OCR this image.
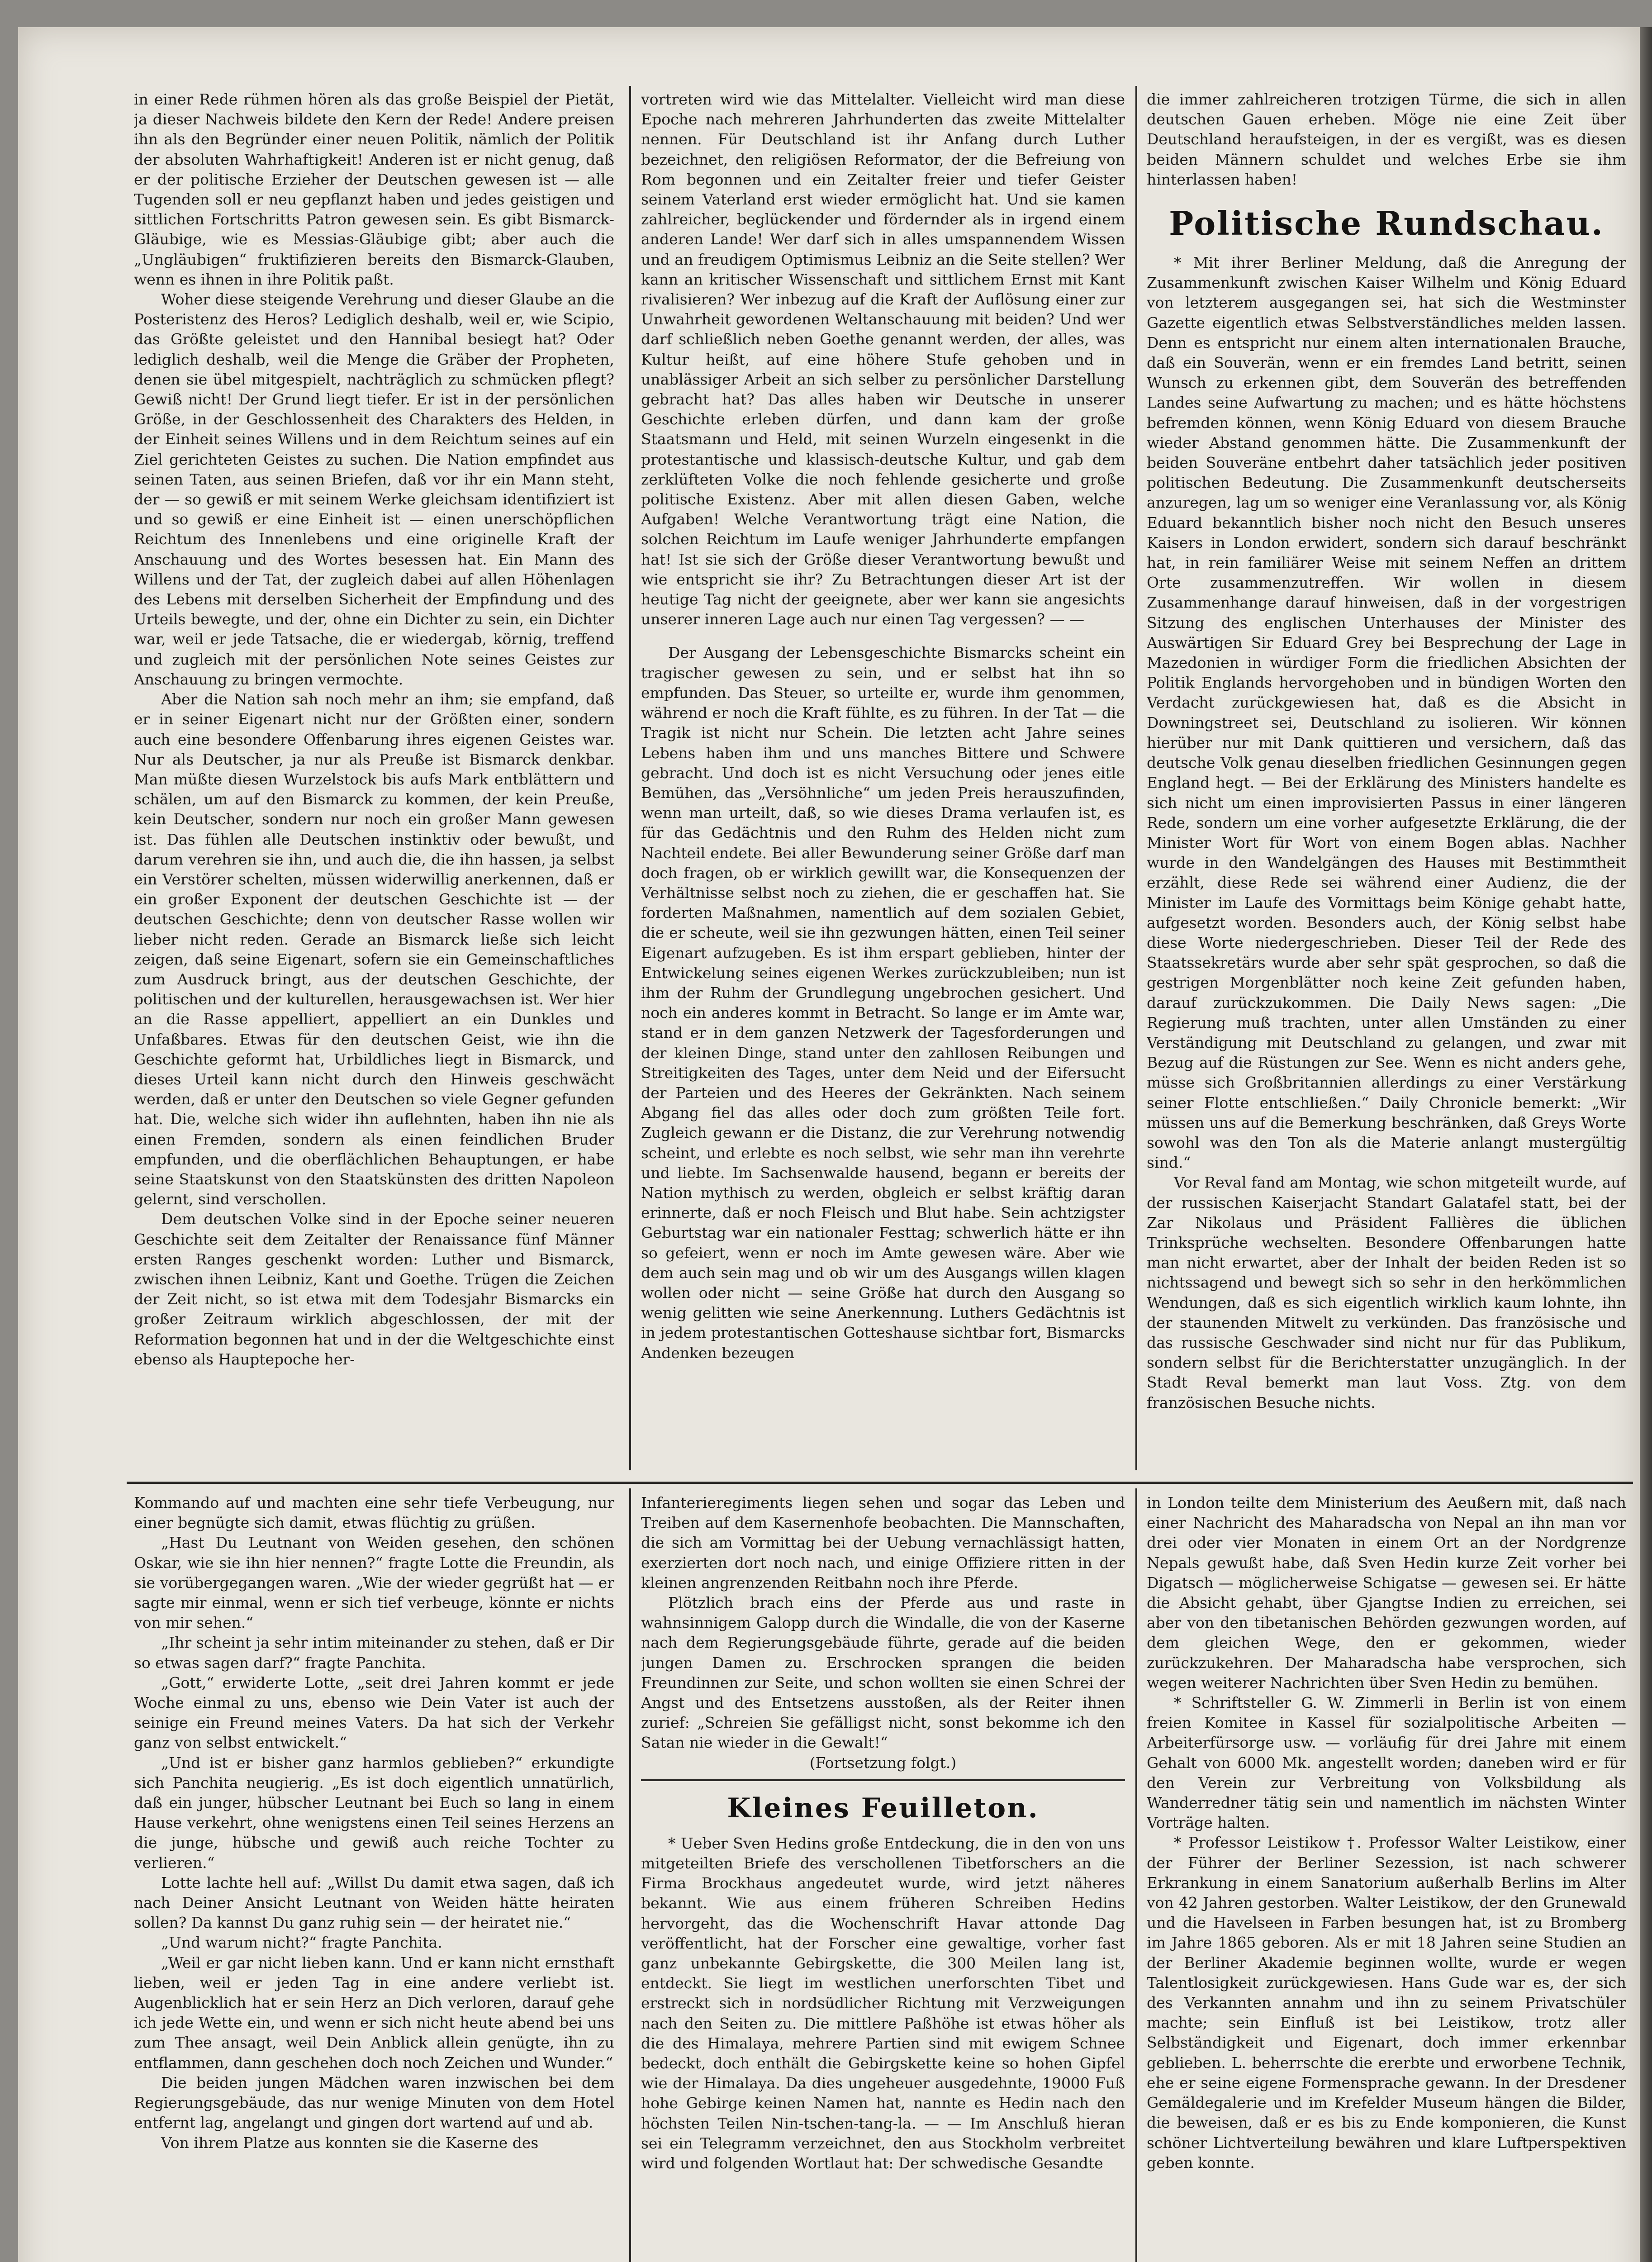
in einer Rede rühmen hören als das große Beispiel der Pietät, ja dieser Nachweis bildete den Kern der Rede! Andere preisen ihn als den Begründer einer neuen Politik, nämlich der Politik der absoluten Wahrhaftigkeit! Anderen ist er nicht genug, daß er der politische Erzieher der Deutschen gewesen ist — alle Tugenden soll er neu gepflanzt haben und jedes geistigen und sittlichen Fortschritts Patron gewesen sein. Es gibt Bismarck-Gläubige, wie es Messias-Gläubige gibt; aber auch die „Ungläubigen“ fruktifizieren bereits den Bismarck-Glauben, wenn es ihnen in ihre Politik paßt.

Woher diese steigende Verehrung und dieser Glaube an die Posteristenz des Heros? Lediglich deshalb, weil er, wie Scipio, das Größte geleistet und den Hannibal besiegt hat? Oder lediglich deshalb, weil die Menge die Gräber der Propheten, denen sie übel mitgespielt, nachträglich zu schmücken pflegt? Gewiß nicht! Der Grund liegt tiefer. Er ist in der persönlichen Größe, in der Geschlossenheit des Charakters des Helden, in der Einheit seines Willens und in dem Reichtum seines auf ein Ziel gerichteten Geistes zu suchen. Die Nation empfindet aus seinen Taten, aus seinen Briefen, daß vor ihr ein Mann steht, der — so gewiß er mit seinem Werke gleichsam identifiziert ist und so gewiß er eine Einheit ist — einen unerschöpflichen Reichtum des Innenlebens und eine originelle Kraft der Anschauung und des Wortes besessen hat. Ein Mann des Willens und der Tat, der zugleich dabei auf allen Höhenlagen des Lebens mit derselben Sicherheit der Empfindung und des Urteils bewegte, und der, ohne ein Dichter zu sein, ein Dichter war, weil er jede Tatsache, die er wiedergab, körnig, treffend und zugleich mit der persönlichen Note seines Geistes zur Anschauung zu bringen vermochte.

Aber die Nation sah noch mehr an ihm; sie empfand, daß er in seiner Eigenart nicht nur der Größten einer, sondern auch eine besondere Offenbarung ihres eigenen Geistes war. Nur als Deutscher, ja nur als Preuße ist Bismarck denkbar. Man müßte diesen Wurzelstock bis aufs Mark entblättern und schälen, um auf den Bismarck zu kommen, der kein Preuße, kein Deutscher, sondern nur noch ein großer Mann gewesen ist. Das fühlen alle Deutschen instinktiv oder bewußt, und darum verehren sie ihn, und auch die, die ihn hassen, ja selbst ein Verstörer schelten, müssen widerwillig anerkennen, daß er ein großer Exponent der deutschen Geschichte ist — der deutschen Geschichte; denn von deutscher Rasse wollen wir lieber nicht reden. Gerade an Bismarck ließe sich leicht zeigen, daß seine Eigenart, sofern sie ein Gemeinschaftliches zum Ausdruck bringt, aus der deutschen Geschichte, der politischen und der kulturellen, herausgewachsen ist. Wer hier an die Rasse appelliert, appelliert an ein Dunkles und Unfaßbares. Etwas für den deutschen Geist, wie ihn die Geschichte geformt hat, Urbildliches liegt in Bismarck, und dieses Urteil kann nicht durch den Hinweis geschwächt werden, daß er unter den Deutschen so viele Gegner gefunden hat. Die, welche sich wider ihn auflehnten, haben ihn nie als einen Fremden, sondern als einen feindlichen Bruder empfunden, und die oberflächlichen Behauptungen, er habe seine Staatskunst von den Staatskünsten des dritten Napoleon gelernt, sind verschollen.

Dem deutschen Volke sind in der Epoche seiner neueren Geschichte seit dem Zeitalter der Renaissance fünf Männer ersten Ranges geschenkt worden: Luther und Bismarck, zwischen ihnen Leibniz, Kant und Goethe. Trügen die Zeichen der Zeit nicht, so ist etwa mit dem Todesjahr Bismarcks ein großer Zeitraum wirklich abgeschlossen, der mit der Reformation begonnen hat und in der die Weltgeschichte einst ebenso als Hauptepoche her-

vortreten wird wie das Mittelalter. Vielleicht wird man diese Epoche nach mehreren Jahrhunderten das zweite Mittelalter nennen. Für Deutschland ist ihr Anfang durch Luther bezeichnet, den religiösen Reformator, der die Befreiung von Rom begonnen und ein Zeitalter freier und tiefer Geister seinem Vaterland erst wieder ermöglicht hat. Und sie kamen zahlreicher, beglückender und fördernder als in irgend einem anderen Lande! Wer darf sich in alles umspannendem Wissen und an freudigem Optimismus Leibniz an die Seite stellen? Wer kann an kritischer Wissenschaft und sittlichem Ernst mit Kant rivalisieren? Wer inbezug auf die Kraft der Auflösung einer zur Unwahrheit gewordenen Weltanschauung mit beiden? Und wer darf schließlich neben Goethe genannt werden, der alles, was Kultur heißt, auf eine höhere Stufe gehoben und in unablässiger Arbeit an sich selber zu persönlicher Darstellung gebracht hat? Das alles haben wir Deutsche in unserer Geschichte erleben dürfen, und dann kam der große Staatsmann und Held, mit seinen Wurzeln eingesenkt in die protestantische und klassisch-deutsche Kultur, und gab dem zerklüfteten Volke die noch fehlende gesicherte und große politische Existenz. Aber mit allen diesen Gaben, welche Aufgaben! Welche Verantwortung trägt eine Nation, die solchen Reichtum im Laufe weniger Jahrhunderte empfangen hat! Ist sie sich der Größe dieser Verantwortung bewußt und wie entspricht sie ihr? Zu Betrachtungen dieser Art ist der heutige Tag nicht der geeignete, aber wer kann sie angesichts unserer inneren Lage auch nur einen Tag vergessen? — —

Der Ausgang der Lebensgeschichte Bismarcks scheint ein tragischer gewesen zu sein, und er selbst hat ihn so empfunden. Das Steuer, so urteilte er, wurde ihm genommen, während er noch die Kraft fühlte, es zu führen. In der Tat — die Tragik ist nicht nur Schein. Die letzten acht Jahre seines Lebens haben ihm und uns manches Bittere und Schwere gebracht. Und doch ist es nicht Versuchung oder jenes eitle Bemühen, das „Versöhnliche“ um jeden Preis herauszufinden, wenn man urteilt, daß, so wie dieses Drama verlaufen ist, es für das Gedächtnis und den Ruhm des Helden nicht zum Nachteil endete. Bei aller Bewunderung seiner Größe darf man doch fragen, ob er wirklich gewillt war, die Konsequenzen der Verhältnisse selbst noch zu ziehen, die er geschaffen hat. Sie forderten Maßnahmen, namentlich auf dem sozialen Gebiet, die er scheute, weil sie ihn gezwungen hätten, einen Teil seiner Eigenart aufzugeben. Es ist ihm erspart geblieben, hinter der Entwickelung seines eigenen Werkes zurückzubleiben; nun ist ihm der Ruhm der Grundlegung ungebrochen gesichert. Und noch ein anderes kommt in Betracht. So lange er im Amte war, stand er in dem ganzen Netzwerk der Tagesforderungen und der kleinen Dinge, stand unter den zahllosen Reibungen und Streitigkeiten des Tages, unter dem Neid und der Eifersucht der Parteien und des Heeres der Gekränkten. Nach seinem Abgang fiel das alles oder doch zum größten Teile fort. Zugleich gewann er die Distanz, die zur Verehrung notwendig scheint, und erlebte es noch selbst, wie sehr man ihn verehrte und liebte. Im Sachsenwalde hausend, begann er bereits der Nation mythisch zu werden, obgleich er selbst kräftig daran erinnerte, daß er noch Fleisch und Blut habe. Sein achtzigster Geburtstag war ein nationaler Festtag; schwerlich hätte er ihn so gefeiert, wenn er noch im Amte gewesen wäre. Aber wie dem auch sein mag und ob wir um des Ausgangs willen klagen wollen oder nicht — seine Größe hat durch den Ausgang so wenig gelitten wie seine Anerkennung. Luthers Gedächtnis ist in jedem protestantischen Gotteshause sichtbar fort, Bismarcks Andenken bezeugen

die immer zahlreicheren trotzigen Türme, die sich in allen deutschen Gauen erheben. Möge nie eine Zeit über Deutschland heraufsteigen, in der es vergißt, was es diesen beiden Männern schuldet und welches Erbe sie ihm hinterlassen haben!

Politische Rundschau.

* Mit ihrer Berliner Meldung, daß die Anregung der Zusammenkunft zwischen Kaiser Wilhelm und König Eduard von letzterem ausgegangen sei, hat sich die Westminster Gazette eigentlich etwas Selbstverständliches melden lassen. Denn es entspricht nur einem alten internationalen Brauche, daß ein Souverän, wenn er ein fremdes Land betritt, seinen Wunsch zu erkennen gibt, dem Souverän des betreffenden Landes seine Aufwartung zu machen; und es hätte höchstens befremden können, wenn König Eduard von diesem Brauche wieder Abstand genommen hätte. Die Zusammenkunft der beiden Souveräne entbehrt daher tatsächlich jeder positiven politischen Bedeutung. Die Zusammenkunft deutscherseits anzuregen, lag um so weniger eine Veranlassung vor, als König Eduard bekanntlich bisher noch nicht den Besuch unseres Kaisers in London erwidert, sondern sich darauf beschränkt hat, in rein familiärer Weise mit seinem Neffen an drittem Orte zusammenzutreffen. Wir wollen in diesem Zusammenhange darauf hinweisen, daß in der vorgestrigen Sitzung des englischen Unterhauses der Minister des Auswärtigen Sir Eduard Grey bei Besprechung der Lage in Mazedonien in würdiger Form die friedlichen Absichten der Politik Englands hervorgehoben und in bündigen Worten den Verdacht zurückgewiesen hat, daß es die Absicht in Downingstreet sei, Deutschland zu isolieren. Wir können hierüber nur mit Dank quittieren und versichern, daß das deutsche Volk genau dieselben friedlichen Gesinnungen gegen England hegt. — Bei der Erklärung des Ministers handelte es sich nicht um einen improvisierten Passus in einer längeren Rede, sondern um eine vorher aufgesetzte Erklärung, die der Minister Wort für Wort von einem Bogen ablas. Nachher wurde in den Wandelgängen des Hauses mit Bestimmtheit erzählt, diese Rede sei während einer Audienz, die der Minister im Laufe des Vormittags beim Könige gehabt hatte, aufgesetzt worden. Besonders auch, der König selbst habe diese Worte niedergeschrieben. Dieser Teil der Rede des Staatssekretärs wurde aber sehr spät gesprochen, so daß die gestrigen Morgenblätter noch keine Zeit gefunden haben, darauf zurückzukommen. Die Daily News sagen: „Die Regierung muß trachten, unter allen Umständen zu einer Verständigung mit Deutschland zu gelangen, und zwar mit Bezug auf die Rüstungen zur See. Wenn es nicht anders gehe, müsse sich Großbritannien allerdings zu einer Verstärkung seiner Flotte entschließen.“ Daily Chronicle bemerkt: „Wir müssen uns auf die Bemerkung beschränken, daß Greys Worte sowohl was den Ton als die Materie anlangt mustergültig sind.“

Vor Reval fand am Montag, wie schon mitgeteilt wurde, auf der russischen Kaiserjacht Standart Galatafel statt, bei der Zar Nikolaus und Präsident Fallières die üblichen Trinksprüche wechselten. Besondere Offenbarungen hatte man nicht erwartet, aber der Inhalt der beiden Reden ist so nichtssagend und bewegt sich so sehr in den herkömmlichen Wendungen, daß es sich eigentlich wirklich kaum lohnte, ihn der staunenden Mitwelt zu verkünden. Das französische und das russische Geschwader sind nicht nur für das Publikum, sondern selbst für die Berichterstatter unzugänglich. In der Stadt Reval bemerkt man laut Voss. Ztg. von dem französischen Besuche nichts.

Kommando auf und machten eine sehr tiefe Verbeugung, nur einer begnügte sich damit, etwas flüchtig zu grüßen.

„Hast Du Leutnant von Weiden gesehen, den schönen Oskar, wie sie ihn hier nennen?“ fragte Lotte die Freundin, als sie vorübergegangen waren. „Wie der wieder gegrüßt hat — er sagte mir einmal, wenn er sich tief verbeuge, könnte er nichts von mir sehen.“

„Ihr scheint ja sehr intim miteinander zu stehen, daß er Dir so etwas sagen darf?“ fragte Panchita.

„Gott,“ erwiderte Lotte, „seit drei Jahren kommt er jede Woche einmal zu uns, ebenso wie Dein Vater ist auch der seinige ein Freund meines Vaters. Da hat sich der Verkehr ganz von selbst entwickelt.“

„Und ist er bisher ganz harmlos geblieben?“ erkundigte sich Panchita neugierig. „Es ist doch eigentlich unnatürlich, daß ein junger, hübscher Leutnant bei Euch so lang in einem Hause verkehrt, ohne wenigstens einen Teil seines Herzens an die junge, hübsche und gewiß auch reiche Tochter zu verlieren.“

Lotte lachte hell auf: „Willst Du damit etwa sagen, daß ich nach Deiner Ansicht Leutnant von Weiden hätte heiraten sollen? Da kannst Du ganz ruhig sein — der heiratet nie.“

„Und warum nicht?“ fragte Panchita.

„Weil er gar nicht lieben kann. Und er kann nicht ernsthaft lieben, weil er jeden Tag in eine andere verliebt ist. Augenblicklich hat er sein Herz an Dich verloren, darauf gehe ich jede Wette ein, und wenn er sich nicht heute abend bei uns zum Thee ansagt, weil Dein Anblick allein genügte, ihn zu entflammen, dann geschehen doch noch Zeichen und Wunder.“

Die beiden jungen Mädchen waren inzwischen bei dem Regierungsgebäude, das nur wenige Minuten von dem Hotel entfernt lag, angelangt und gingen dort wartend auf und ab.

Von ihrem Platze aus konnten sie die Kaserne des

Infanterieregiments liegen sehen und sogar das Leben und Treiben auf dem Kasernenhofe beobachten. Die Mannschaften, die sich am Vormittag bei der Uebung vernachlässigt hatten, exerzierten dort noch nach, und einige Offiziere ritten in der kleinen angrenzenden Reitbahn noch ihre Pferde.

Plötzlich brach eins der Pferde aus und raste in wahnsinnigem Galopp durch die Windalle, die von der Kaserne nach dem Regierungsgebäude führte, gerade auf die beiden jungen Damen zu. Erschrocken sprangen die beiden Freundinnen zur Seite, und schon wollten sie einen Schrei der Angst und des Entsetzens ausstoßen, als der Reiter ihnen zurief: „Schreien Sie gefälligst nicht, sonst bekomme ich den Satan nie wieder in die Gewalt!“

(Fortsetzung folgt.)

Kleines Feuilleton.

* Ueber Sven Hedins große Entdeckung, die in den von uns mitgeteilten Briefe des verschollenen Tibetforschers an die Firma Brockhaus angedeutet wurde, wird jetzt näheres bekannt. Wie aus einem früheren Schreiben Hedins hervorgeht, das die Wochenschrift Havar attonde Dag veröffentlicht, hat der Forscher eine gewaltige, vorher fast ganz unbekannte Gebirgskette, die 300 Meilen lang ist, entdeckt. Sie liegt im westlichen unerforschten Tibet und erstreckt sich in nordsüdlicher Richtung mit Verzweigungen nach den Seiten zu. Die mittlere Paßhöhe ist etwas höher als die des Himalaya, mehrere Partien sind mit ewigem Schnee bedeckt, doch enthält die Gebirgskette keine so hohen Gipfel wie der Himalaya. Da dies ungeheuer ausgedehnte, 19000 Fuß hohe Gebirge keinen Namen hat, nannte es Hedin nach den höchsten Teilen Nin-tschen-tang-la. — — Im Anschluß hieran sei ein Telegramm verzeichnet, den aus Stockholm verbreitet wird und folgenden Wortlaut hat: Der schwedische Gesandte

in London teilte dem Ministerium des Aeußern mit, daß nach einer Nachricht des Maharadscha von Nepal an ihn man vor drei oder vier Monaten in einem Ort an der Nordgrenze Nepals gewußt habe, daß Sven Hedin kurze Zeit vorher bei Digatsch — möglicherweise Schigatse — gewesen sei. Er hätte die Absicht gehabt, über Gjangtse Indien zu erreichen, sei aber von den tibetanischen Behörden gezwungen worden, auf dem gleichen Wege, den er gekommen, wieder zurückzukehren. Der Maharadscha habe versprochen, sich wegen weiterer Nachrichten über Sven Hedin zu bemühen.

* Schriftsteller G. W. Zimmerli in Berlin ist von einem freien Komitee in Kassel für sozialpolitische Arbeiten — Arbeiterfürsorge usw. — vorläufig für drei Jahre mit einem Gehalt von 6000 Mk. angestellt worden; daneben wird er für den Verein zur Verbreitung von Volksbildung als Wanderredner tätig sein und namentlich im nächsten Winter Vorträge halten.

* Professor Leistikow †. Professor Walter Leistikow, einer der Führer der Berliner Sezession, ist nach schwerer Erkrankung in einem Sanatorium außerhalb Berlins im Alter von 42 Jahren gestorben. Walter Leistikow, der den Grunewald und die Havelseen in Farben besungen hat, ist zu Bromberg im Jahre 1865 geboren. Als er mit 18 Jahren seine Studien an der Berliner Akademie beginnen wollte, wurde er wegen Talentlosigkeit zurückgewiesen. Hans Gude war es, der sich des Verkannten annahm und ihn zu seinem Privatschüler machte; sein Einfluß ist bei Leistikow, trotz aller Selbständigkeit und Eigenart, doch immer erkennbar geblieben. L. beherrschte die ererbte und erworbene Technik, ehe er seine eigene Formensprache gewann. In der Dresdener Gemäldegalerie und im Krefelder Museum hängen die Bilder, die beweisen, daß er es bis zu Ende komponieren, die Kunst schöner Lichtverteilung bewähren und klare Luftperspektiven geben konnte.
